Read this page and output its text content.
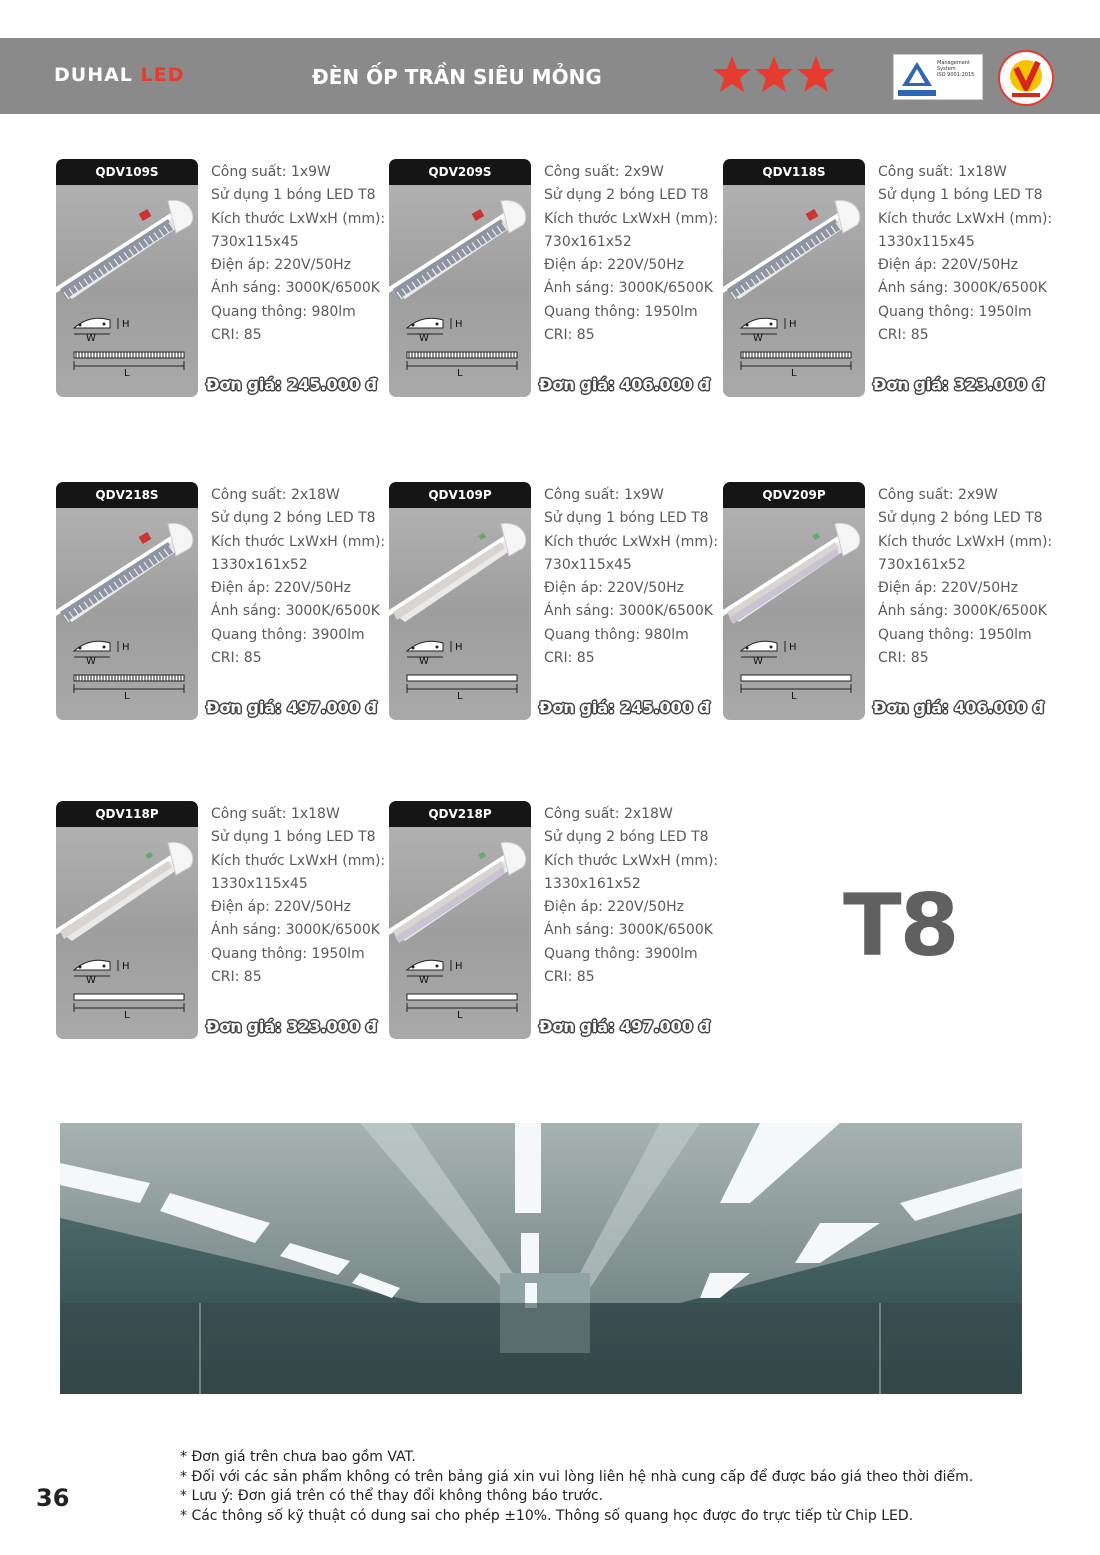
DUHAL LED	ĐÈN ỐP TRẦN SIÊU MỎNG
Management
System
ISO 9001:2015
QDV109S
W
H
L
Công suất: 1x9W
Sử dụng 1 bóng LED T8
Kích thước LxWxH (mm):
730x115x45
Điện áp: 220V/50Hz
Ánh sáng: 3000K/6500K
Quang thông: 980lm
CRI: 85
Đơn giá: 245.000 đ
QDV209S
W
H
L
Công suất: 2x9W
Sử dụng 2 bóng LED T8
Kích thước LxWxH (mm):
730x161x52
Điện áp: 220V/50Hz
Ánh sáng: 3000K/6500K
Quang thông: 1950lm
CRI: 85
Đơn giá: 406.000 đ
QDV118S
W
H
L
Công suất: 1x18W
Sử dụng 1 bóng LED T8
Kích thước LxWxH (mm):
1330x115x45
Điện áp: 220V/50Hz
Ánh sáng: 3000K/6500K
Quang thông: 1950lm
CRI: 85
Đơn giá: 323.000 đ
QDV218S
W
H
L
Công suất: 2x18W
Sử dụng 2 bóng LED T8
Kích thước LxWxH (mm):
1330x161x52
Điện áp: 220V/50Hz
Ánh sáng: 3000K/6500K
Quang thông: 3900lm
CRI: 85
Đơn giá: 497.000 đ
QDV109P
W
H
L
Công suất: 1x9W
Sử dụng 1 bóng LED T8
Kích thước LxWxH (mm):
730x115x45
Điện áp: 220V/50Hz
Ánh sáng: 3000K/6500K
Quang thông: 980lm
CRI: 85
Đơn giá: 245.000 đ
QDV209P
W
H
L
Công suất: 2x9W
Sử dụng 2 bóng LED T8
Kích thước LxWxH (mm):
730x161x52
Điện áp: 220V/50Hz
Ánh sáng: 3000K/6500K
Quang thông: 1950lm
CRI: 85
Đơn giá: 406.000 đ
QDV118P
W
H
L
Công suất: 1x18W
Sử dụng 1 bóng LED T8
Kích thước LxWxH (mm):
1330x115x45
Điện áp: 220V/50Hz
Ánh sáng: 3000K/6500K
Quang thông: 1950lm
CRI: 85
Đơn giá: 323.000 đ
QDV218P
W
H
L
Công suất: 2x18W
Sử dụng 2 bóng LED T8
Kích thước LxWxH (mm):
1330x161x52
Điện áp: 220V/50Hz
Ánh sáng: 3000K/6500K
Quang thông: 3900lm
CRI: 85
Đơn giá: 497.000 đ
T8
* Đơn giá trên chưa bao gồm VAT.
* Đối với các sản phẩm không có trên bảng giá xin vui lòng liên hệ nhà cung cấp để được báo giá theo thời điểm.
* Lưu ý: Đơn giá trên có thể thay đổi không thông báo trước.
* Các thông số kỹ thuật có dung sai cho phép ±10%. Thông số quang học được đo trực tiếp từ Chip LED.
36
